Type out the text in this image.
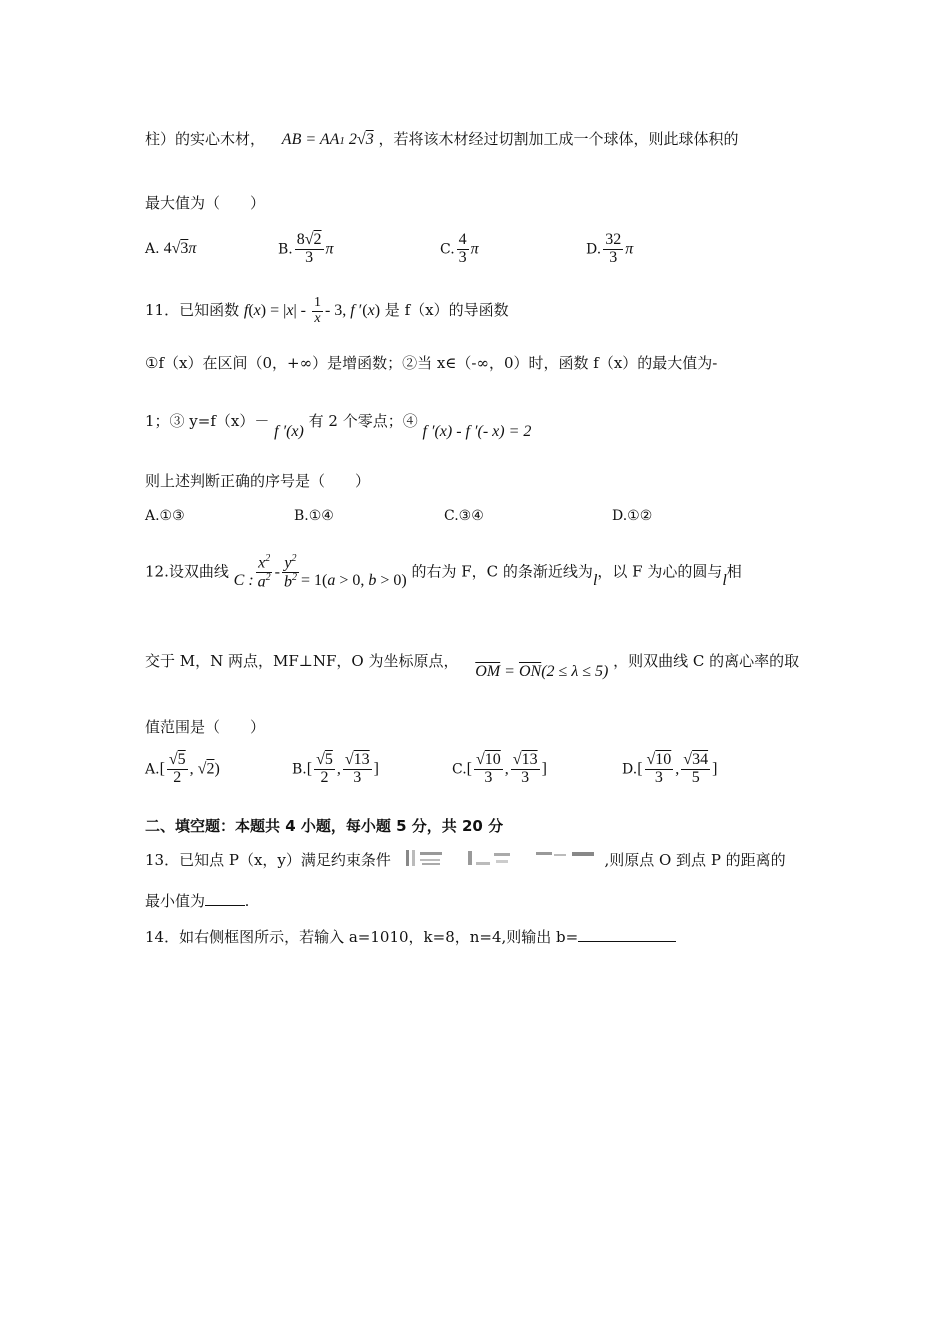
柱）的实心木材， AB = AA1 2√3 ，若将该木材经过切割加工成一个球体，则此球体积的
最大值为（　　）
A. 4√3π	B. $\frac{8√2}{3}$ π	C. $\frac{4}{3}$ π	D. $\frac{32}{3}$ π
11．已知函数 $f(x) = |x| - \frac{1}{x} - 3$, f ′(x) 是 f（x）的导函数
①f（x）在区间（0，+∞）是增函数；②当 x∈（-∞，0）时，函数 f（x）的最大值为-
1；③ y=f（x）－ f ′(x) 有 2 个零点；④ f ′(x) - f ′(- x) = 2
则上述判断正确的序号是（　　）
A.①③	B.①④	C.③④	D.①②
12.设双曲线 C : $\frac{x^2}{a^2} - \frac{y^2}{b^2} = 1(a > 0$, b > 0) 的右为 F，C 的条渐近线为l，以 F 为心的圆与l相
交于 M，N 两点，MF⊥NF，O 为坐标原点， $\overline{OM} = \overline{ON}(2 \le \lambda \le 5)$ ，则双曲线 C 的离心率的取
值范围是（　　）
$A.[ \frac{√5}{2}$ , √2)	$B.[ \frac{√5}{2}$ , $\frac{√13}{3}$ ]	$C.[ \frac{√10}{3}$ , $\frac{√13}{3}$ ]	$D.[ \frac{√10}{3}$ , $\frac{√34}{5}$ ]
二、填空题：本题共 4 小题，每小题 5 分，共 20 分
13．已知点 P（x，y）满足约束条件	,则原点 O 到点 P 的距离的
最小值为	.
14．如右侧框图所示，若输入 a=1010，k=8，n=4,则输出 b=
